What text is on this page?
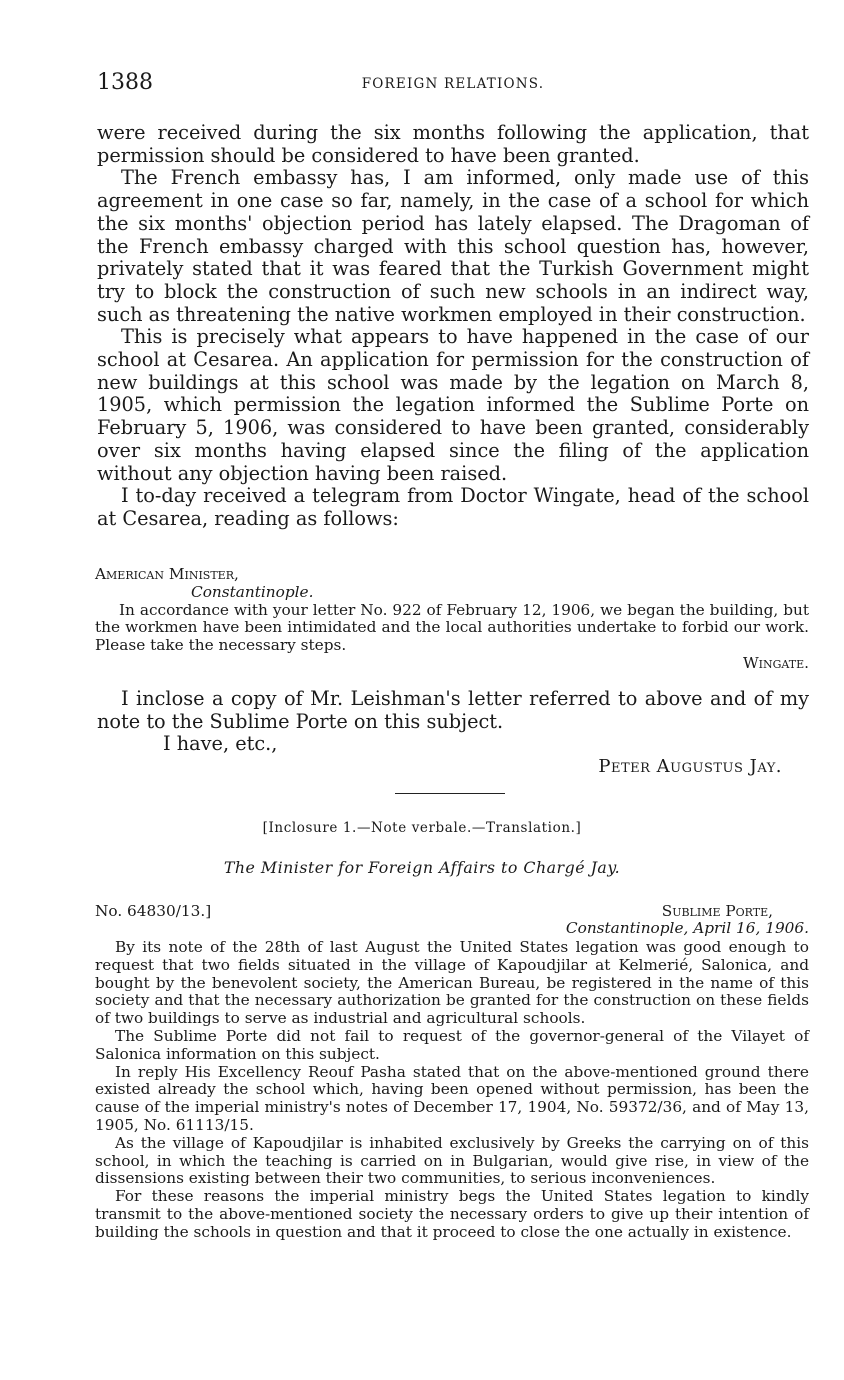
1388	FOREIGN RELATIONS.

were received during the six months following the application, that permission should be considered to have been granted.

The French embassy has, I am informed, only made use of this agreement in one case so far, namely, in the case of a school for which the six months' objection period has lately elapsed. The Dragoman of the French embassy charged with this school question has, however, privately stated that it was feared that the Turkish Government might try to block the construction of such new schools in an indirect way, such as threatening the native workmen employed in their construction.

This is precisely what appears to have happened in the case of our school at Cesarea. An application for permission for the construction of new buildings at this school was made by the legation on March 8, 1905, which permission the legation informed the Sublime Porte on February 5, 1906, was considered to have been granted, considerably over six months having elapsed since the filing of the application without any objection having been raised.

I to-day received a telegram from Doctor Wingate, head of the school at Cesarea, reading as follows:

American Minister,

Constantinople.

In accordance with your letter No. 922 of February 12, 1906, we began the building, but the workmen have been intimidated and the local authorities undertake to forbid our work. Please take the necessary steps.

Wingate.

I inclose a copy of Mr. Leishman's letter referred to above and of my note to the Sublime Porte on this subject.

I have, etc.,

Peter Augustus Jay.
[Inclosure 1.—Note verbale.—Translation.]
The Minister for Foreign Affairs to Chargé Jay.
No. 64830/13.]	Sublime Porte,
Constantinople, April 16, 1906.

By its note of the 28th of last August the United States legation was good enough to request that two fields situated in the village of Kapoudjilar at Kelmerié, Salonica, and bought by the benevolent society, the American Bureau, be registered in the name of this society and that the necessary authorization be granted for the construction on these fields of two buildings to serve as industrial and agricultural schools.

The Sublime Porte did not fail to request of the governor-general of the Vilayet of Salonica information on this subject.

In reply His Excellency Reouf Pasha stated that on the above-mentioned ground there existed already the school which, having been opened without permission, has been the cause of the imperial ministry's notes of December 17, 1904, No. 59372/36, and of May 13, 1905, No. 61113/15.

As the village of Kapoudjilar is inhabited exclusively by Greeks the carrying on of this school, in which the teaching is carried on in Bulgarian, would give rise, in view of the dissensions existing between their two communities, to serious inconveniences.

For these reasons the imperial ministry begs the United States legation to kindly transmit to the above-mentioned society the necessary orders to give up their intention of building the schools in question and that it proceed to close the one actually in existence.
